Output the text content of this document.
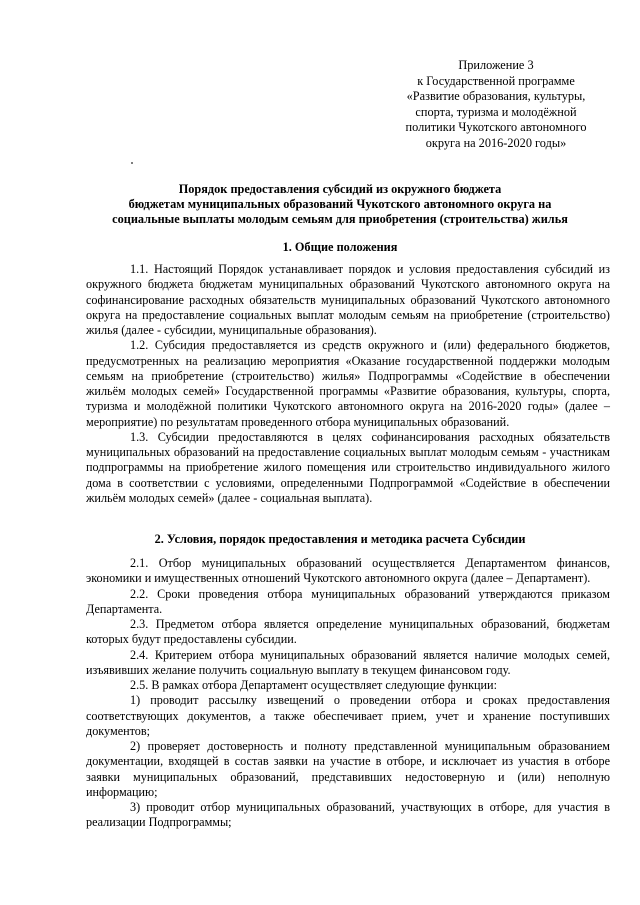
Приложение 3
к Государственной программе
«Развитие образования, культуры,
спорта, туризма и молодёжной
политики Чукотского автономного
округа на 2016-2020 годы»
Порядок предоставления субсидий из окружного бюджета
бюджетам муниципальных образований Чукотского автономного округа на
социальные выплаты молодым семьям для приобретения (строительства) жилья
1. Общие положения

1.1. Настоящий Порядок устанавливает порядок и условия предоставления субсидий из окружного бюджета бюджетам муниципальных образований Чукотского автономного округа на софинансирование расходных обязательств муниципальных образований Чукотского автономного округа на предоставление социальных выплат молодым семьям на приобретение (строительство) жилья (далее - субсидии, муниципальные образования).

1.2. Субсидия предоставляется из средств окружного и (или) федерального бюджетов, предусмотренных на реализацию мероприятия «Оказание государственной поддержки молодым семьям на приобретение (строительство) жилья» Подпрограммы «Содействие в обеспечении жильём молодых семей» Государственной программы «Развитие образования, культуры, спорта, туризма и молодёжной политики Чукотского автономного округа на 2016-2020 годы» (далее – мероприятие) по результатам проведенного отбора муниципальных образований.

1.3. Субсидии предоставляются в целях софинансирования расходных обязательств муниципальных образований на предоставление социальных выплат молодым семьям - участникам подпрограммы на приобретение жилого помещения или строительство индивидуального жилого дома в соответствии с условиями, определенными Подпрограммой «Содействие в обеспечении жильём молодых семей» (далее - социальная выплата).

2. Условия, порядок предоставления и методика расчета Субсидии

2.1. Отбор муниципальных образований осуществляется Департаментом финансов, экономики и имущественных отношений Чукотского автономного округа (далее – Департамент).

2.2. Сроки проведения отбора муниципальных образований утверждаются приказом Департамента.

2.3. Предметом отбора является определение муниципальных образований, бюджетам которых будут предоставлены субсидии.

2.4. Критерием отбора муниципальных образований является наличие молодых семей, изъявивших желание получить социальную выплату в текущем финансовом году.

2.5. В рамках отбора Департамент осуществляет следующие функции:

1) проводит рассылку извещений о проведении отбора и сроках предоставления соответствующих документов, а также обеспечивает прием, учет и хранение поступивших документов;

2) проверяет достоверность и полноту представленной муниципальным образованием документации, входящей в состав заявки на участие в отборе, и исключает из участия в отборе заявки муниципальных образований, представивших недостоверную и (или) неполную информацию;

3) проводит отбор муниципальных образований, участвующих в отборе, для участия в реализации Подпрограммы;
